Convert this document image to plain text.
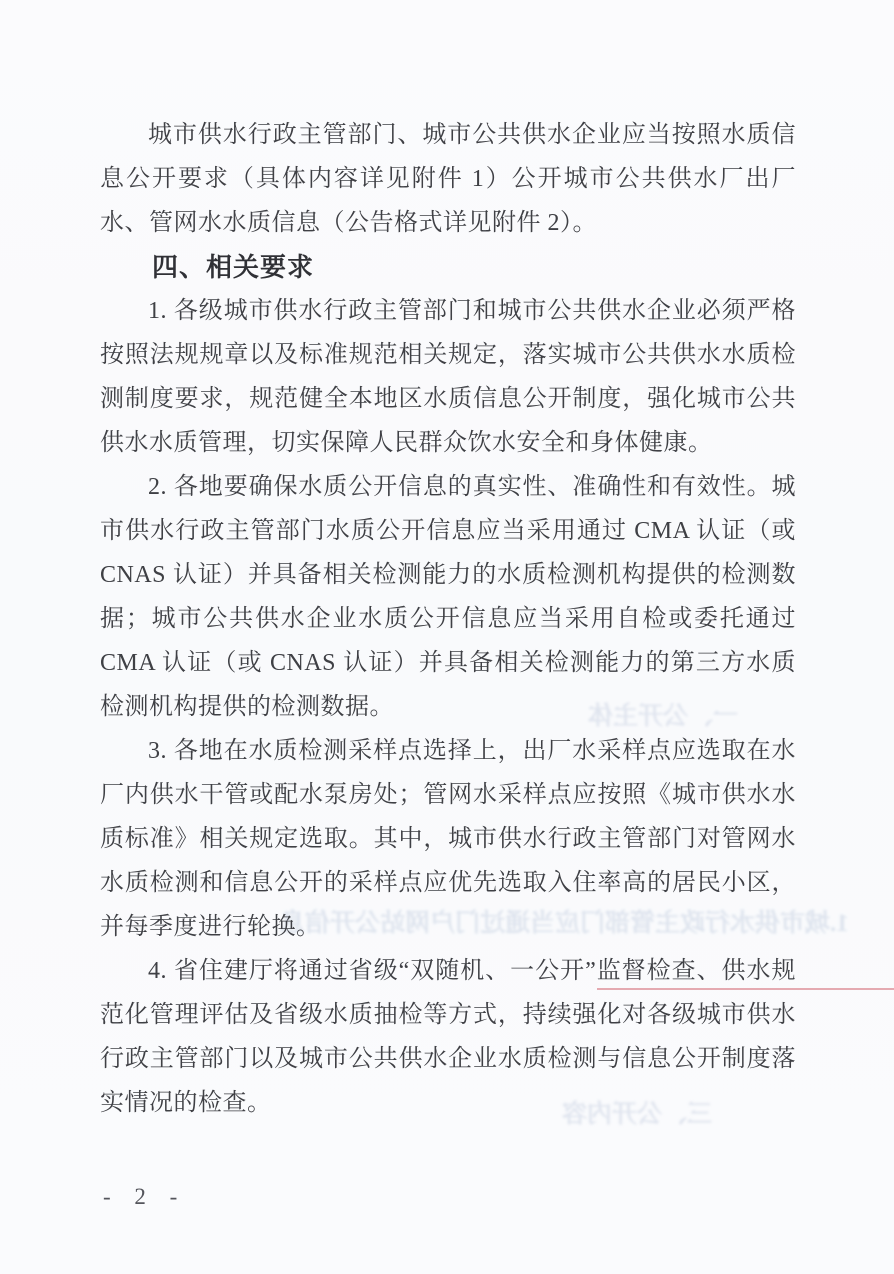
一、公开主体
1.城市供水行政主管部门应当通过门户网站公开信息
三、公开内容

城市供水行政主管部门、城市公共供水企业应当按照水质信息公开要求（具体内容详见附件 1）公开城市公共供水厂出厂水、管网水水质信息（公告格式详见附件 2）。

四、相关要求

1. 各级城市供水行政主管部门和城市公共供水企业必须严格按照法规规章以及标准规范相关规定，落实城市公共供水水质检测制度要求，规范健全本地区水质信息公开制度，强化城市公共供水水质管理，切实保障人民群众饮水安全和身体健康。

2. 各地要确保水质公开信息的真实性、准确性和有效性。城市供水行政主管部门水质公开信息应当采用通过 CMA 认证（或 CNAS 认证）并具备相关检测能力的水质检测机构提供的检测数据；城市公共供水企业水质公开信息应当采用自检或委托通过 CMA 认证（或 CNAS 认证）并具备相关检测能力的第三方水质检测机构提供的检测数据。

3. 各地在水质检测采样点选择上，出厂水采样点应选取在水厂内供水干管或配水泵房处；管网水采样点应按照《城市供水水质标准》相关规定选取。其中，城市供水行政主管部门对管网水水质检测和信息公开的采样点应优先选取入住率高的居民小区，并每季度进行轮换。

4. 省住建厅将通过省级“双随机、一公开”监督检查、供水规范化管理评估及省级水质抽检等方式，持续强化对各级城市供水行政主管部门以及城市公共供水企业水质检测与信息公开制度落实情况的检查。

- 2 -
